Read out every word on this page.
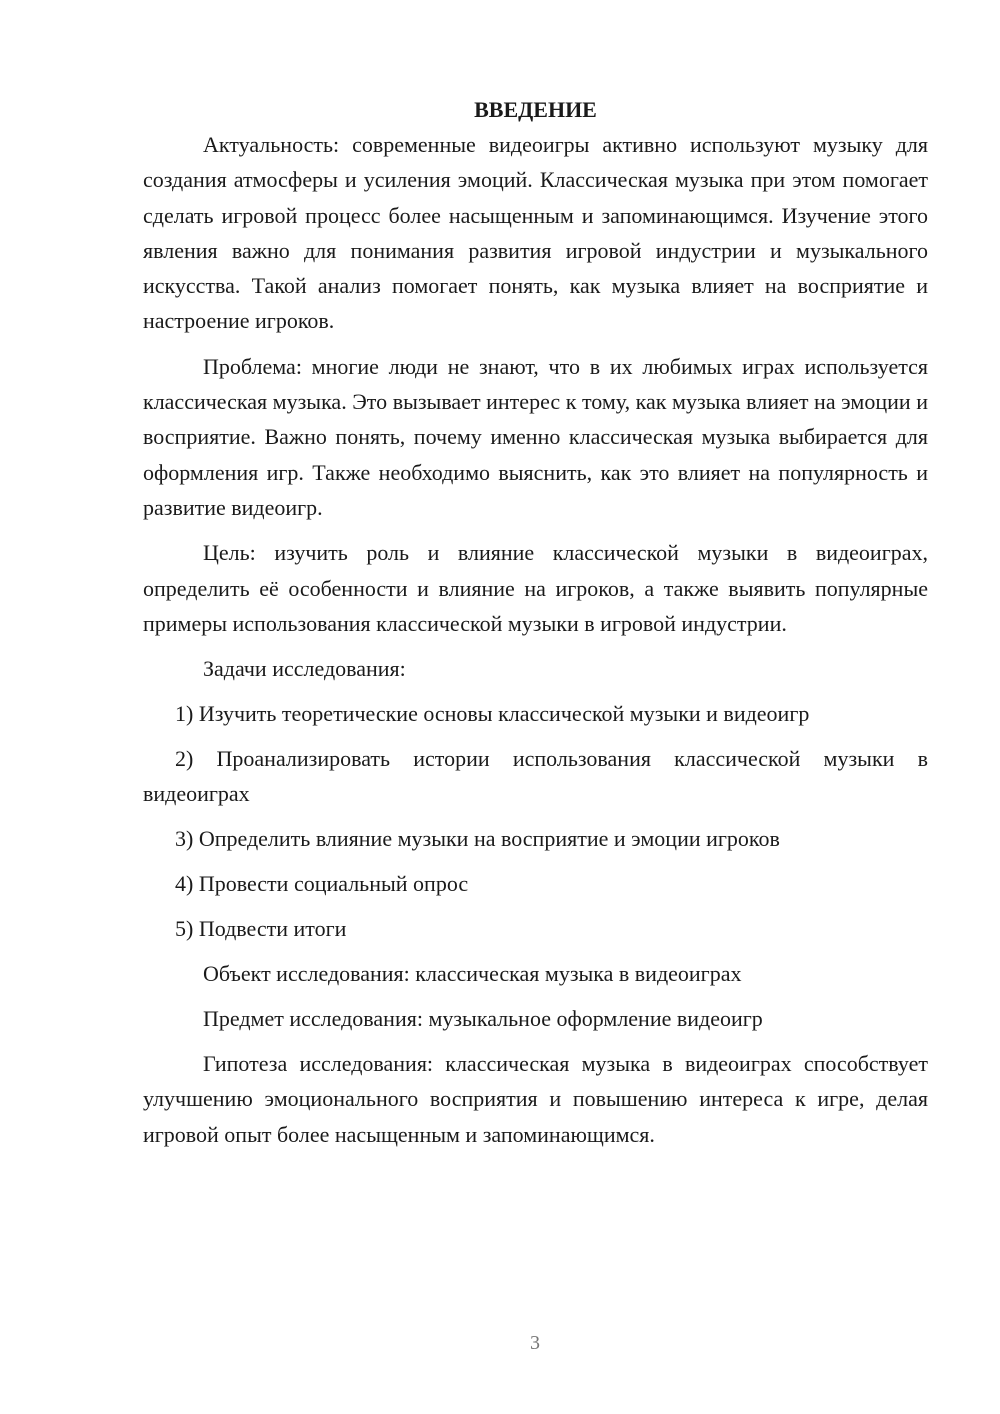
ВВЕДЕНИЕ

Актуальность: современные видеоигры активно используют музыку для создания атмосферы и усиления эмоций. Классическая музыка при этом помогает сделать игровой процесс более насыщенным и запоминающимся. Изучение этого явления важно для понимания развития игровой индустрии и музыкального искусства. Такой анализ помогает понять, как музыка влияет на восприятие и настроение игроков.

Проблема: многие люди не знают, что в их любимых играх используется классическая музыка. Это вызывает интерес к тому, как музыка влияет на эмоции и восприятие. Важно понять, почему именно классическая музыка выбирается для оформления игр. Также необходимо выяснить, как это влияет на популярность и развитие видеоигр.

Цель: изучить роль и влияние классической музыки в видеоиграх, определить её особенности и влияние на игроков, а также выявить популярные примеры использования классической музыки в игровой индустрии.

Задачи исследования:

1) Изучить теоретические основы классической музыки и видеоигр

2) Проанализировать истории использования классической музыки в видеоиграх

3) Определить влияние музыки на восприятие и эмоции игроков

4) Провести социальный опрос

5) Подвести итоги

Объект исследования: классическая музыка в видеоиграх

Предмет исследования: музыкальное оформление видеоигр

Гипотеза исследования: классическая музыка в видеоиграх способствует улучшению эмоционального восприятия и повышению интереса к игре, делая игровой опыт более насыщенным и запоминающимся.

3
